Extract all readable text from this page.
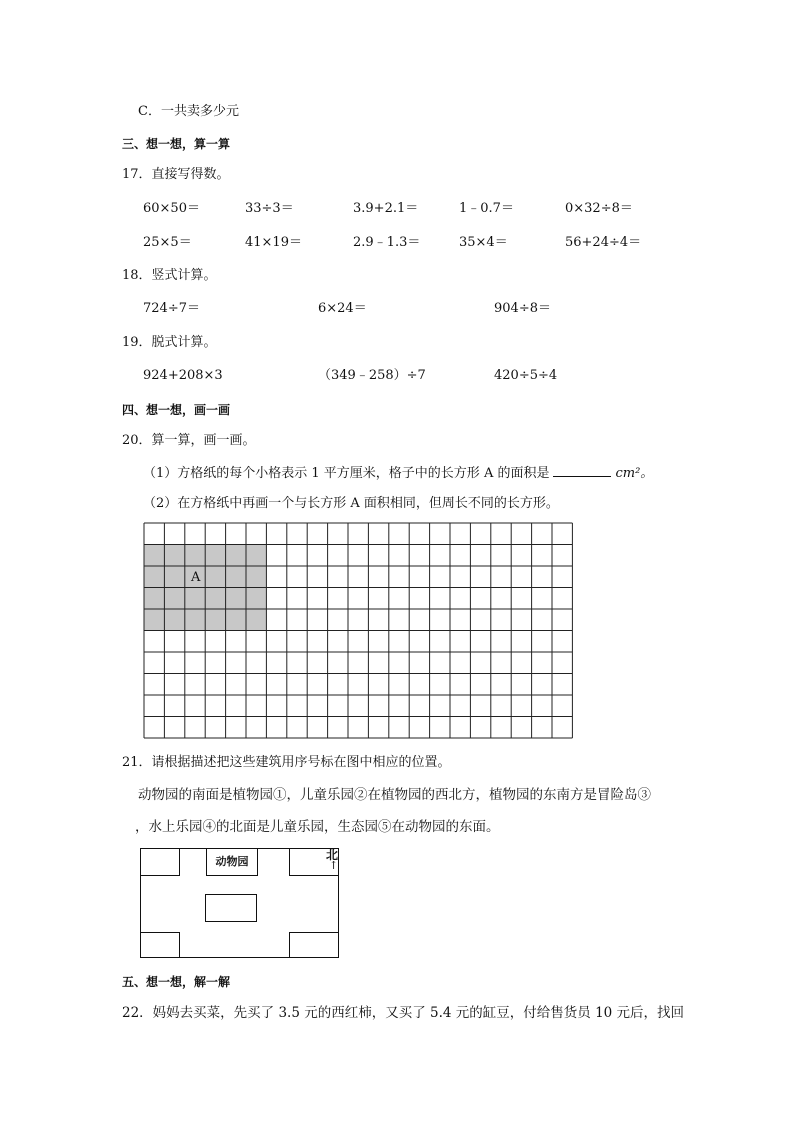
C．一共卖多少元
三、想一想，算一算
17．直接写得数。
60×50＝	33÷3＝	3.9+2.1＝	1﹣0.7＝	0×32÷8＝
25×5＝	41×19＝	2.9﹣1.3＝	35×4＝	56+24÷4＝
18．竖式计算。
724÷7＝	6×24＝	904÷8＝
19．脱式计算。
924+208×3	（349﹣258）÷7	420÷5÷4
四、想一想，画一画
20．算一算，画一画。
（1）方格纸的每个小格表示 1 平方厘米，格子中的长方形 A 的面积是	cm²。
（2）在方格纸中再画一个与长方形 A 面积相同，但周长不同的长方形。
A
21．请根据描述把这些建筑用序号标在图中相应的位置。
动物园的南面是植物园①，儿童乐园②在植物园的西北方，植物园的东南方是冒险岛③
，水上乐园④的北面是儿童乐园，生态园⑤在动物园的东面。
动物园	北
↑
五、想一想，解一解
22．妈妈去买菜，先买了 3.5 元的西红柿，又买了 5.4 元的缸豆，付给售货员 10 元后，找回
